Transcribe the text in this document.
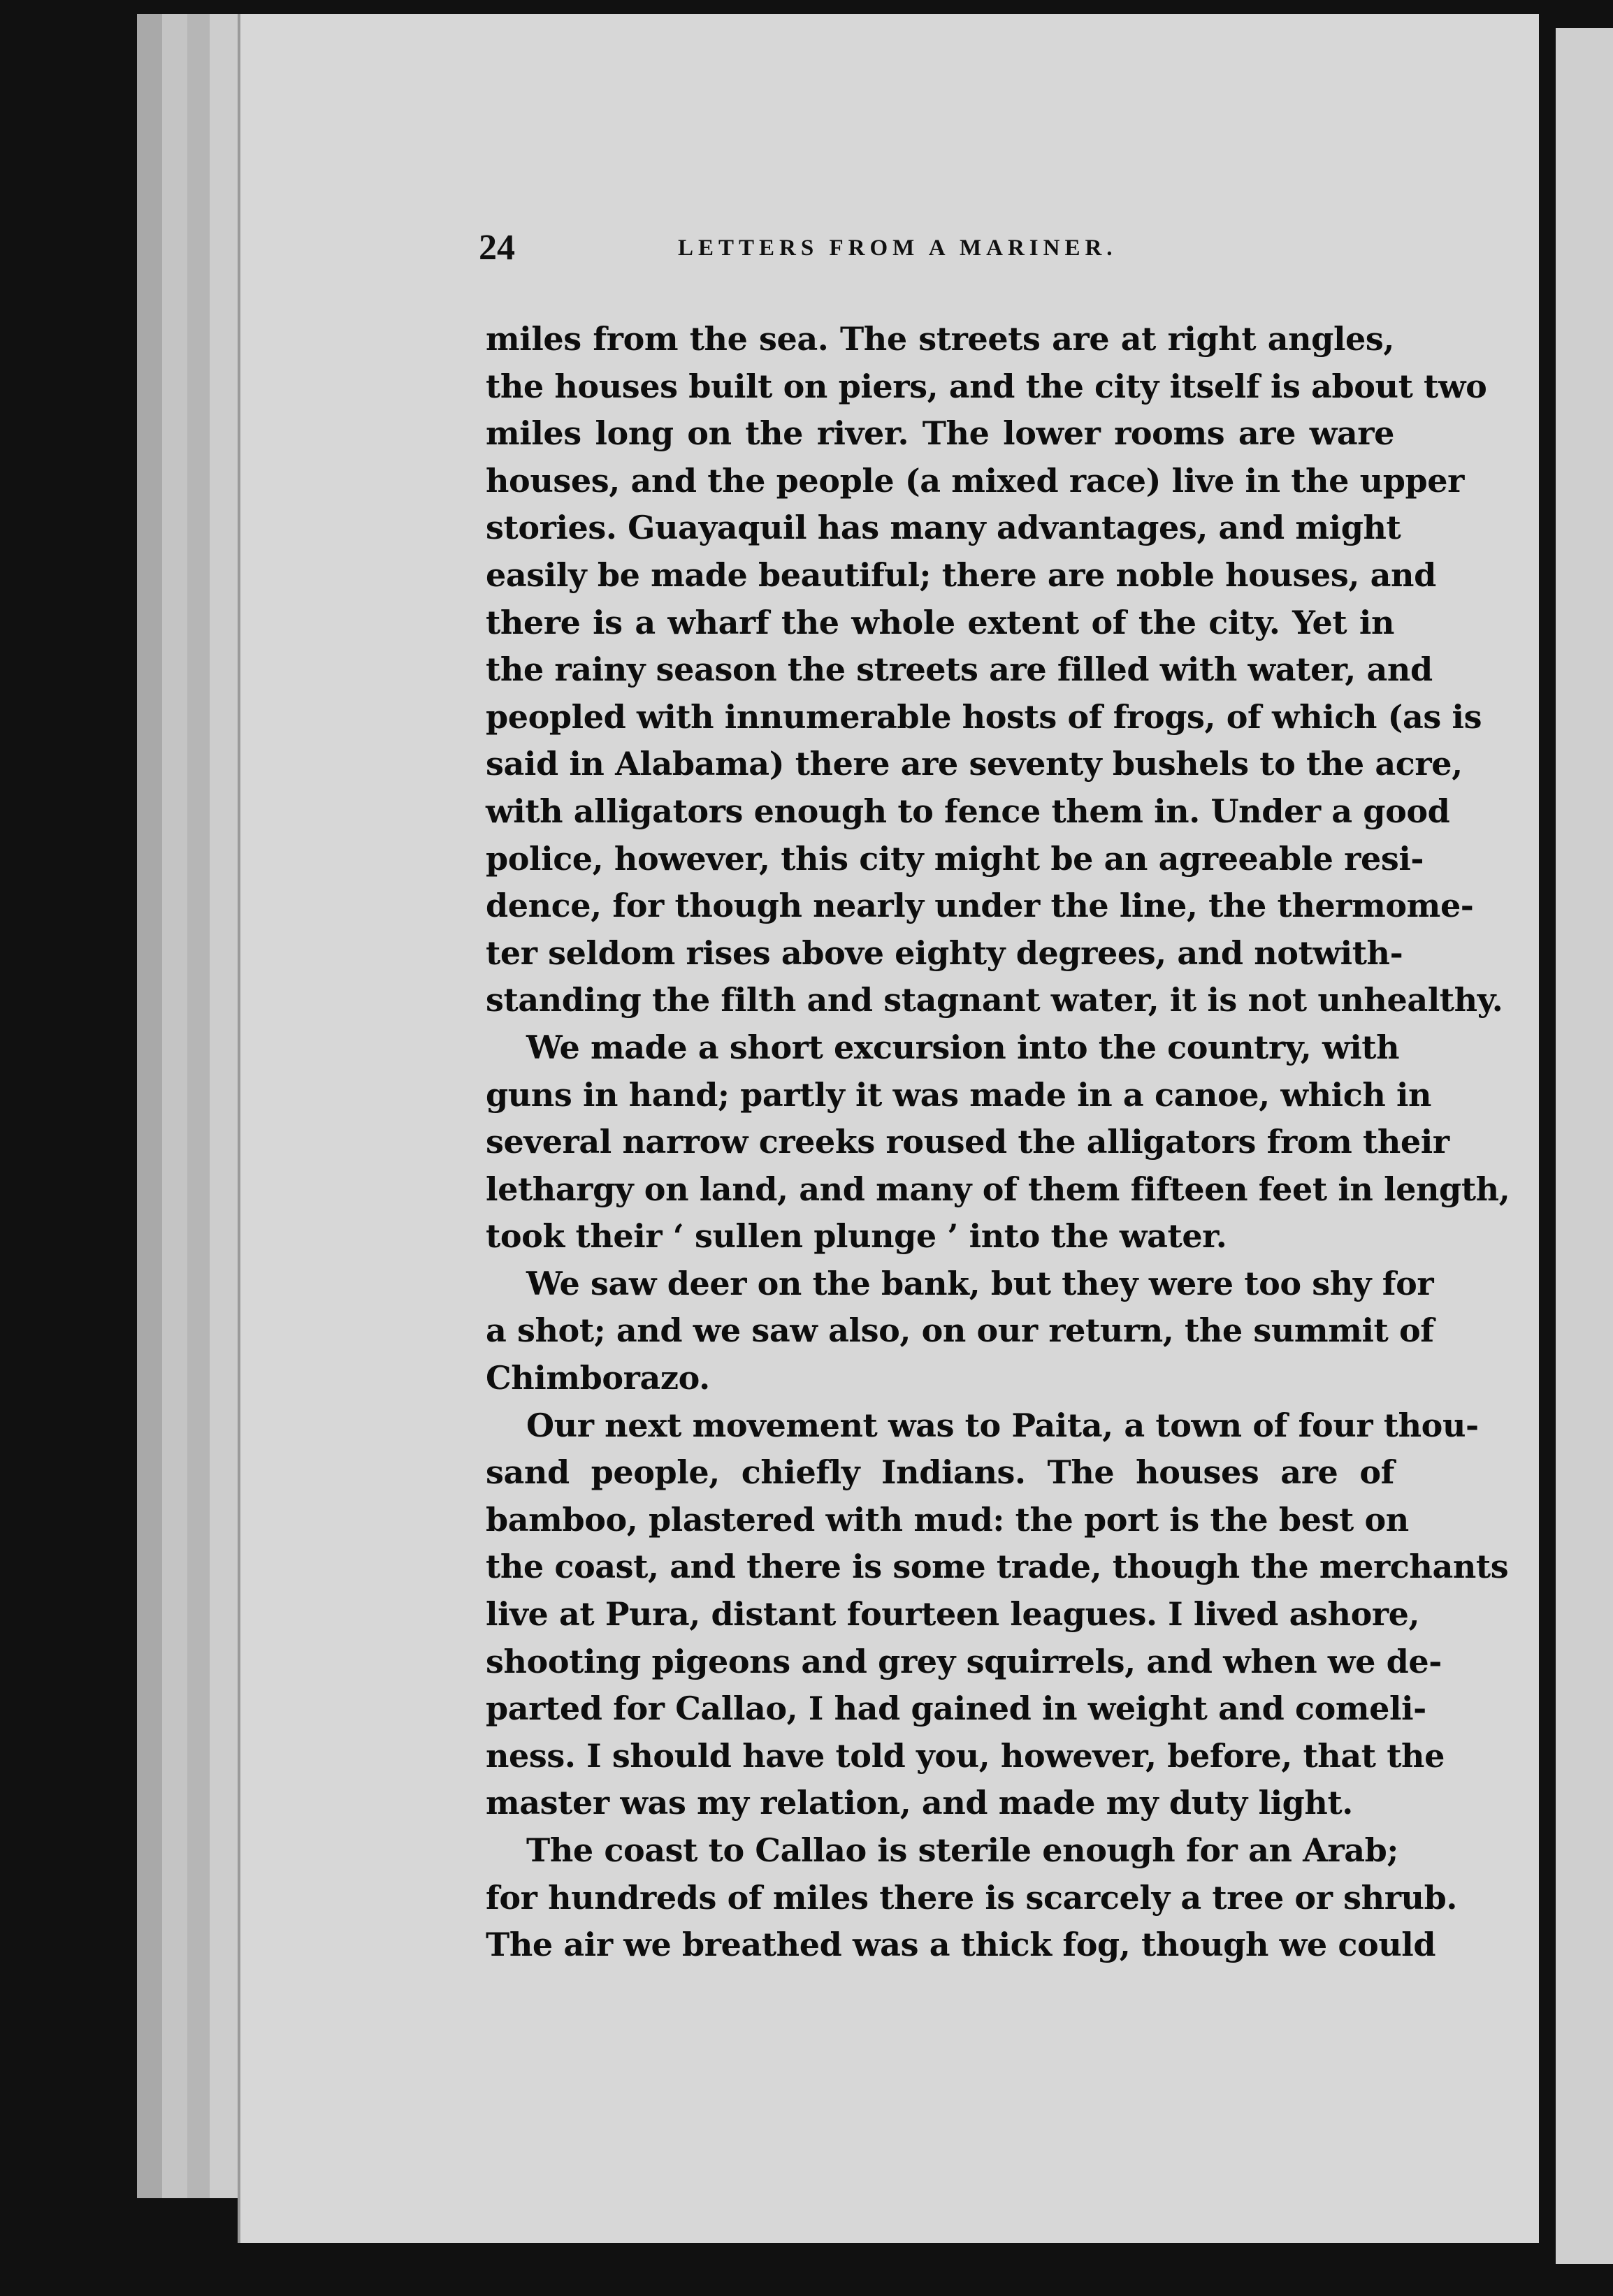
24	LETTERS FROM A MARINER.
miles from the sea. The streets are at right angles,
the houses built on piers, and the city itself is about two
miles long on the river. The lower rooms are ware
houses, and the people (a mixed race) live in the upper
stories. Guayaquil has many advantages, and might
easily be made beautiful; there are noble houses, and
there is a wharf the whole extent of the city. Yet in
the rainy season the streets are filled with water, and
peopled with innumerable hosts of frogs, of which (as is
said in Alabama) there are seventy bushels to the acre,
with alligators enough to fence them in. Under a good
police, however, this city might be an agreeable resi-
dence, for though nearly under the line, the thermome-
ter seldom rises above eighty degrees, and notwith-
standing the filth and stagnant water, it is not unhealthy.
We made a short excursion into the country, with
guns in hand; partly it was made in a canoe, which in
several narrow creeks roused the alligators from their
lethargy on land, and many of them fifteen feet in length,
took their ‘ sullen plunge ’ into the water.
We saw deer on the bank, but they were too shy for
a shot; and we saw also, on our return, the summit of
Chimborazo.
Our next movement was to Paita, a town of four thou-
sand people, chiefly Indians. The houses are of
bamboo, plastered with mud: the port is the best on
the coast, and there is some trade, though the merchants
live at Pura, distant fourteen leagues. I lived ashore,
shooting pigeons and grey squirrels, and when we de-
parted for Callao, I had gained in weight and comeli-
ness. I should have told you, however, before, that the
master was my relation, and made my duty light.
The coast to Callao is sterile enough for an Arab;
for hundreds of miles there is scarcely a tree or shrub.
The air we breathed was a thick fog, though we could
